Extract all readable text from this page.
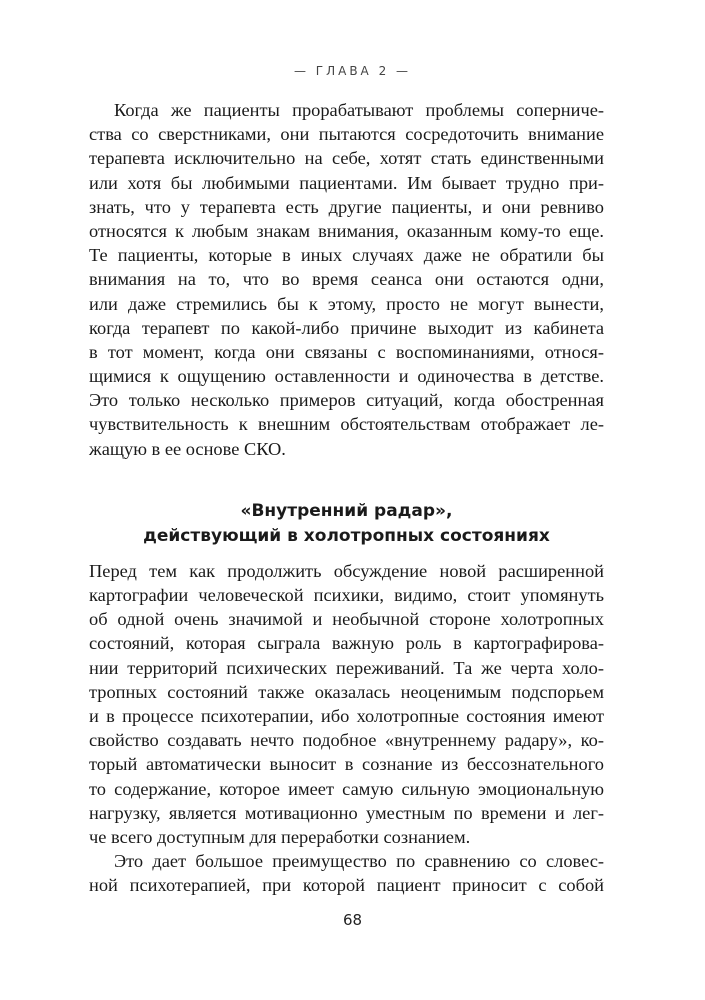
— ГЛАВА 2 —
Когда же пациенты прорабатывают проблемы соперниче-
ства со сверстниками, они пытаются сосредоточить внимание
терапевта исключительно на себе, хотят стать единственными
или хотя бы любимыми пациентами. Им бывает трудно при-
знать, что у терапевта есть другие пациенты, и они ревниво
относятся к любым знакам внимания, оказанным кому-то еще.
Те пациенты, которые в иных случаях даже не обратили бы
внимания на то, что во время сеанса они остаются одни,
или даже стремились бы к этому, просто не могут вынести,
когда терапевт по какой-либо причине выходит из кабинета
в тот момент, когда они связаны с воспоминаниями, относя-
щимися к ощущению оставленности и одиночества в детстве.
Это только несколько примеров ситуаций, когда обостренная
чувствительность к внешним обстоятельствам отображает ле-
жащую в ее основе СКО.
«Внутренний радар»,
действующий в холотропных состояниях
Перед тем как продолжить обсуждение новой расширенной
картографии человеческой психики, видимо, стоит упомянуть
об одной очень значимой и необычной стороне холотропных
состояний, которая сыграла важную роль в картографирова-
нии территорий психических переживаний. Та же черта холо-
тропных состояний также оказалась неоценимым подспорьем
и в процессе психотерапии, ибо холотропные состояния имеют
свойство создавать нечто подобное «внутреннему радару», ко-
торый автоматически выносит в сознание из бессознательного
то содержание, которое имеет самую сильную эмоциональную
нагрузку, является мотивационно уместным по времени и лег-
че всего доступным для переработки сознанием.
Это дает большое преимущество по сравнению со словес-
ной психотерапией, при которой пациент приносит с собой
68
